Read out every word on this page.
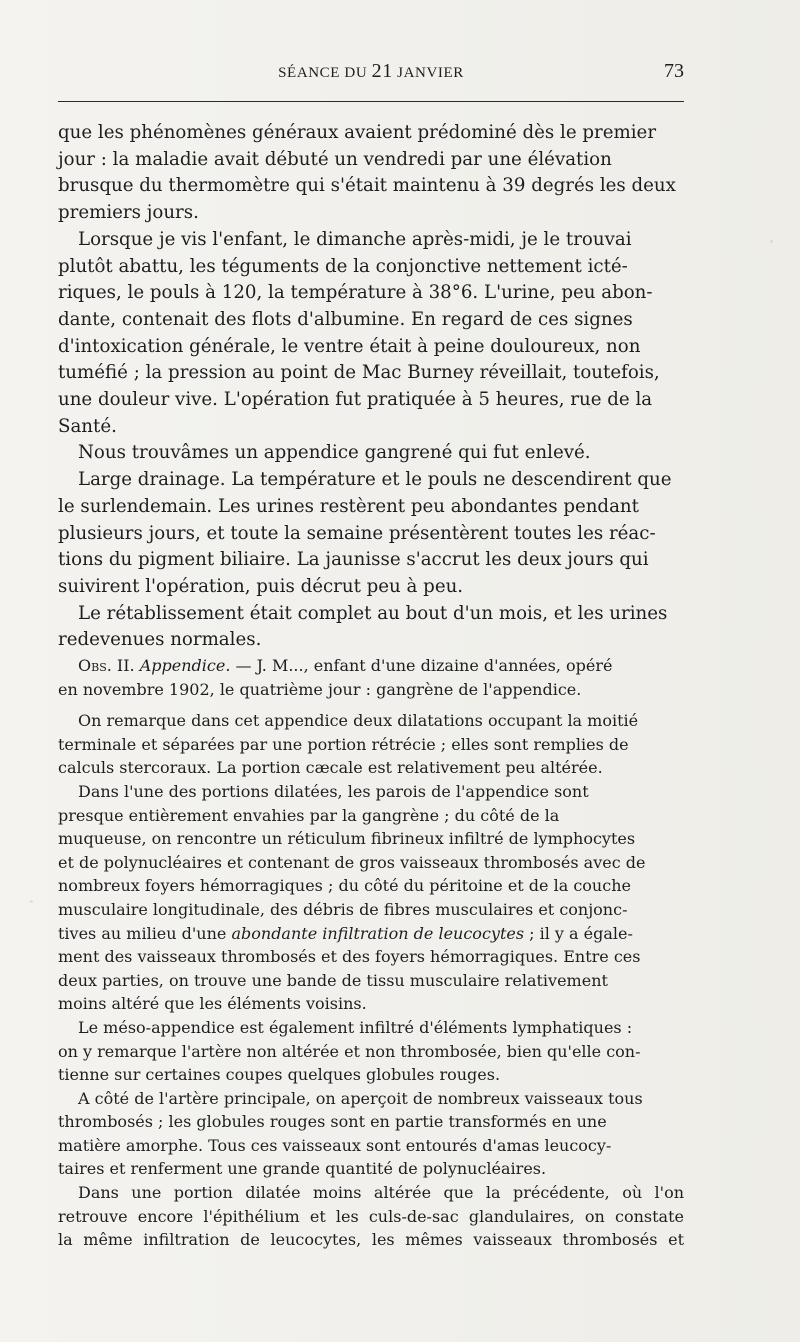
SÉANCE DU 21 JANVIER	73

que les phénomènes généraux avaient prédominé dès le premier
jour : la maladie avait débuté un vendredi par une élévation
brusque du thermomètre qui s'était maintenu à 39 degrés les deux
premiers jours.

Lorsque je vis l'enfant, le dimanche après-midi, je le trouvai
plutôt abattu, les téguments de la conjonctive nettement icté-
riques, le pouls à 120, la température à 38°6. L'urine, peu abon-
dante, contenait des flots d'albumine. En regard de ces signes
d'intoxication générale, le ventre était à peine douloureux, non
tuméfié ; la pression au point de Mac Burney réveillait, toutefois,
une douleur vive. L'opération fut pratiquée à 5 heures, rue de la
Santé.

Nous trouvâmes un appendice gangrené qui fut enlevé.

Large drainage. La température et le pouls ne descendirent que
le surlendemain. Les urines restèrent peu abondantes pendant
plusieurs jours, et toute la semaine présentèrent toutes les réac-
tions du pigment biliaire. La jaunisse s'accrut les deux jours qui
suivirent l'opération, puis décrut peu à peu.

Le rétablissement était complet au bout d'un mois, et les urines
redevenues normales.

Obs. II. Appendice. — J. M..., enfant d'une dizaine d'années, opéré
en novembre 1902, le quatrième jour : gangrène de l'appendice.

On remarque dans cet appendice deux dilatations occupant la moitié
terminale et séparées par une portion rétrécie ; elles sont remplies de
calculs stercoraux. La portion cæcale est relativement peu altérée.

Dans l'une des portions dilatées, les parois de l'appendice sont
presque entièrement envahies par la gangrène ; du côté de la
muqueuse, on rencontre un réticulum fibrineux infiltré de lymphocytes
et de polynucléaires et contenant de gros vaisseaux thrombosés avec de
nombreux foyers hémorragiques ; du côté du péritoine et de la couche
musculaire longitudinale, des débris de fibres musculaires et conjonc-
tives au milieu d'une abondante infiltration de leucocytes ; il y a égale-
ment des vaisseaux thrombosés et des foyers hémorragiques. Entre ces
deux parties, on trouve une bande de tissu musculaire relativement
moins altéré que les éléments voisins.

Le méso-appendice est également infiltré d'éléments lymphatiques :
on y remarque l'artère non altérée et non thrombosée, bien qu'elle con-
tienne sur certaines coupes quelques globules rouges.

A côté de l'artère principale, on aperçoit de nombreux vaisseaux tous
thrombosés ; les globules rouges sont en partie transformés en une
matière amorphe. Tous ces vaisseaux sont entourés d'amas leucocy-
taires et renferment une grande quantité de polynucléaires.

Dans une portion dilatée moins altérée que la précédente, où l'on
retrouve encore l'épithélium et les culs-de-sac glandulaires, on constate
la même infiltration de leucocytes, les mêmes vaisseaux thrombosés et
